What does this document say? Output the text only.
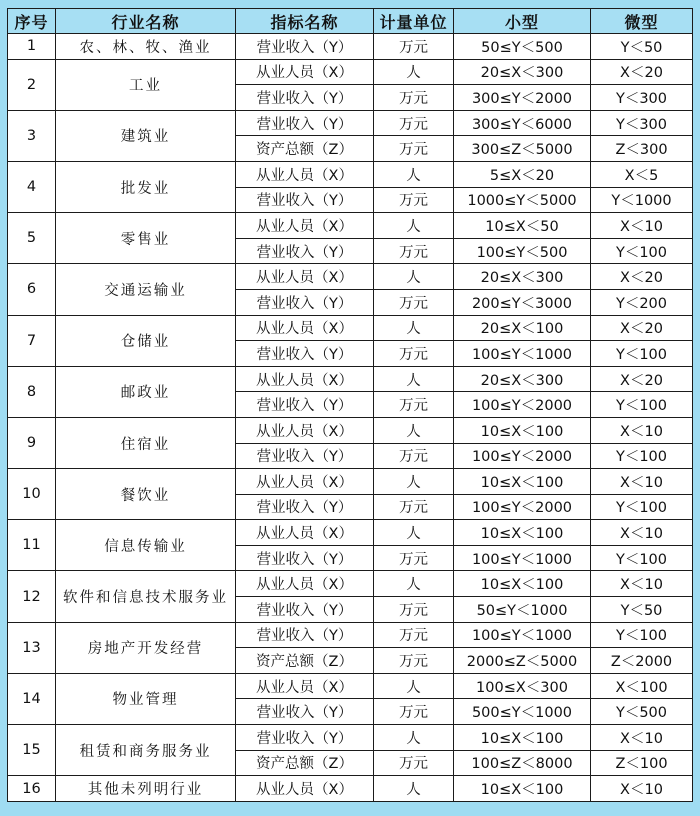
序号	行业名称	指标名称	计量单位	小型	微型
1	农、林、牧、渔业	营业收入（Y）	万元	50≤Y＜500	Y＜50
2	工业	从业人员（X）	人	20≤X＜300	X＜20
		营业收入（Y）	万元	300≤Y＜2000	Y＜300
3	建筑业	营业收入（Y）	万元	300≤Y＜6000	Y＜300
		资产总额（Z）	万元	300≤Z＜5000	Z＜300
4	批发业	从业人员（X）	人	5≤X＜20	X＜5
		营业收入（Y）	万元	1000≤Y＜5000	Y＜1000
5	零售业	从业人员（X）	人	10≤X＜50	X＜10
		营业收入（Y）	万元	100≤Y＜500	Y＜100
6	交通运输业	从业人员（X）	人	20≤X＜300	X＜20
		营业收入（Y）	万元	200≤Y＜3000	Y＜200
7	仓储业	从业人员（X）	人	20≤X＜100	X＜20
		营业收入（Y）	万元	100≤Y＜1000	Y＜100
8	邮政业	从业人员（X）	人	20≤X＜300	X＜20
		营业收入（Y）	万元	100≤Y＜2000	Y＜100
9	住宿业	从业人员（X）	人	10≤X＜100	X＜10
		营业收入（Y）	万元	100≤Y＜2000	Y＜100
10	餐饮业	从业人员（X）	人	10≤X＜100	X＜10
		营业收入（Y）	万元	100≤Y＜2000	Y＜100
11	信息传输业	从业人员（X）	人	10≤X＜100	X＜10
		营业收入（Y）	万元	100≤Y＜1000	Y＜100
12	软件和信息技术服务业	从业人员（X）	人	10≤X＜100	X＜10
		营业收入（Y）	万元	50≤Y＜1000	Y＜50
13	房地产开发经营	营业收入（Y）	万元	100≤Y＜1000	Y＜100
		资产总额（Z）	万元	2000≤Z＜5000	Z＜2000
14	物业管理	从业人员（X）	人	100≤X＜300	X＜100
		营业收入（Y）	万元	500≤Y＜1000	Y＜500
15	租赁和商务服务业	营业收入（Y）	人	10≤X＜100	X＜10
		资产总额（Z）	万元	100≤Z＜8000	Z＜100
16	其他未列明行业	从业人员（X）	人	10≤X＜100	X＜10
